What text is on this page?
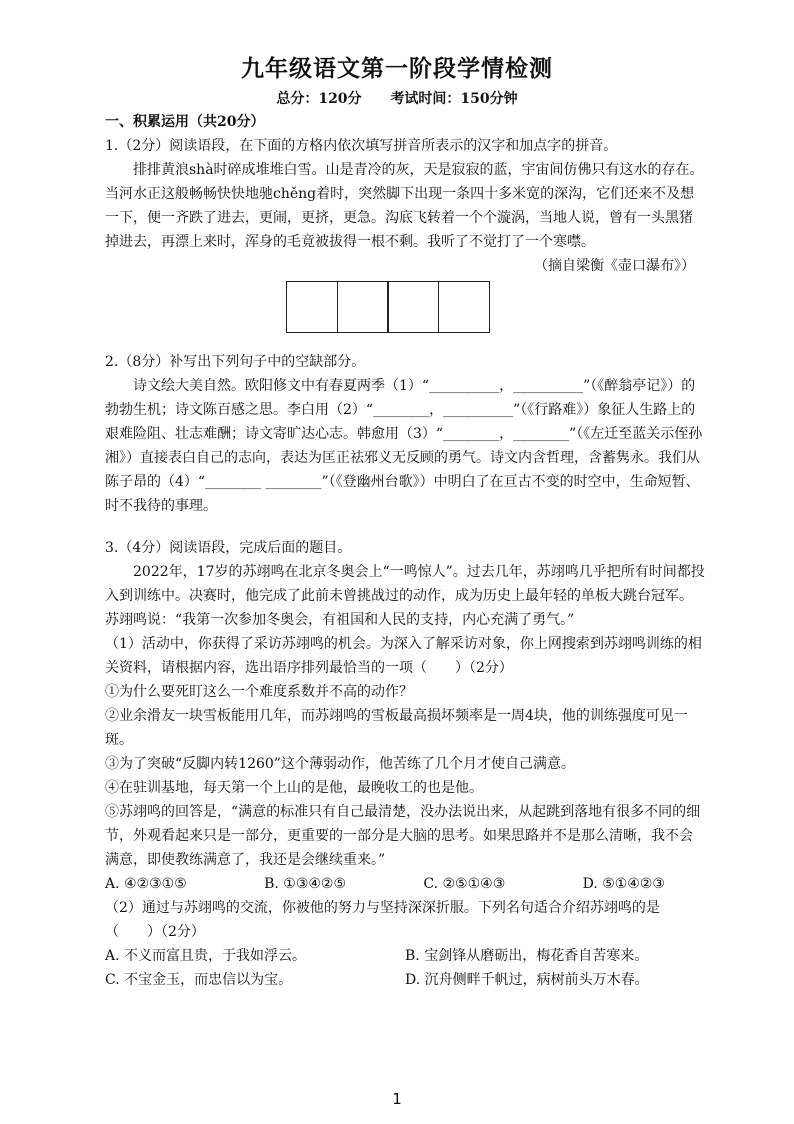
九年级语文第一阶段学情检测
总分：120分 考试时间：150分钟
一、积累运用（共20分）
1.（2分）阅读语段，在下面的方格内依次填写拼音所表示的汉字和加点字的拼音。
排排黄浪shà时碎成堆堆白雪。山是青冷的灰，天是寂寂的蓝，宇宙间仿佛只有这水的存在。当河水正这般畅畅快快地驰chěng着时，突然脚下出现一条四十多米宽的深沟，它们还来不及想一下，便一齐跌了进去，更闹，更挤，更急。沟底飞转着一个个漩涡，当地人说，曾有一头黑猪掉进去，再漂上来时，浑身的毛竟被拔得一根不剩。我听了不觉打了一个寒噤。
（摘自梁衡《壶口瀑布》）
2.（8分）补写出下列句子中的空缺部分。
诗文绘大美自然。欧阳修文中有春夏两季（1）“__________，__________”（《醉翁亭记》）的勃勃生机；诗文陈百感之思。李白用（2）“________，__________”（《行路难》）象征人生路上的艰难险阻、壮志难酬；诗文寄旷达心志。韩愈用（3）“________，________”（《左迁至蓝关示侄孙湘》）直接表白自己的志向，表达为匡正祛邪义无反顾的勇气。诗文内含哲理，含蓄隽永。我们从陈子昂的（4）“________ ________”（《登幽州台歌》）中明白了在亘古不变的时空中，生命短暂、时不我待的事理。
3.（4分）阅读语段，完成后面的题目。
2022年，17岁的苏翊鸣在北京冬奥会上“一鸣惊人”。过去几年，苏翊鸣几乎把所有时间都投入到训练中。决赛时，他完成了此前未曾挑战过的动作，成为历史上最年轻的单板大跳台冠军。苏翊鸣说：“我第一次参加冬奥会，有祖国和人民的支持，内心充满了勇气。”
（1）活动中，你获得了采访苏翊鸣的机会。为深入了解采访对象，你上网搜索到苏翊鸣训练的相关资料，请根据内容，选出语序排列最恰当的一项（　　）（2分）
①为什么要死盯这么一个难度系数并不高的动作？
②业余滑友一块雪板能用几年，而苏翊鸣的雪板最高损坏频率是一周4块，他的训练强度可见一斑。
③为了突破“反脚内转1260”这个薄弱动作，他苦练了几个月才使自己满意。
④在驻训基地，每天第一个上山的是他，最晚收工的也是他。
⑤苏翊鸣的回答是，“满意的标准只有自己最清楚，没办法说出来，从起跳到落地有很多不同的细节，外观看起来只是一部分，更重要的一部分是大脑的思考。如果思路并不是那么清晰，我不会满意，即使教练满意了，我还是会继续重来。”
A. ④②③①⑤	B. ①③④②⑤	C. ②⑤①④③	D. ⑤①④②③
（2）通过与苏翊鸣的交流，你被他的努力与坚持深深折服。下列名句适合介绍苏翊鸣的是（　　）（2分）
A. 不义而富且贵，于我如浮云。	B. 宝剑锋从磨砺出，梅花香自苦寒来。
C. 不宝金玉，而忠信以为宝。	D. 沉舟侧畔千帆过，病树前头万木春。
1
